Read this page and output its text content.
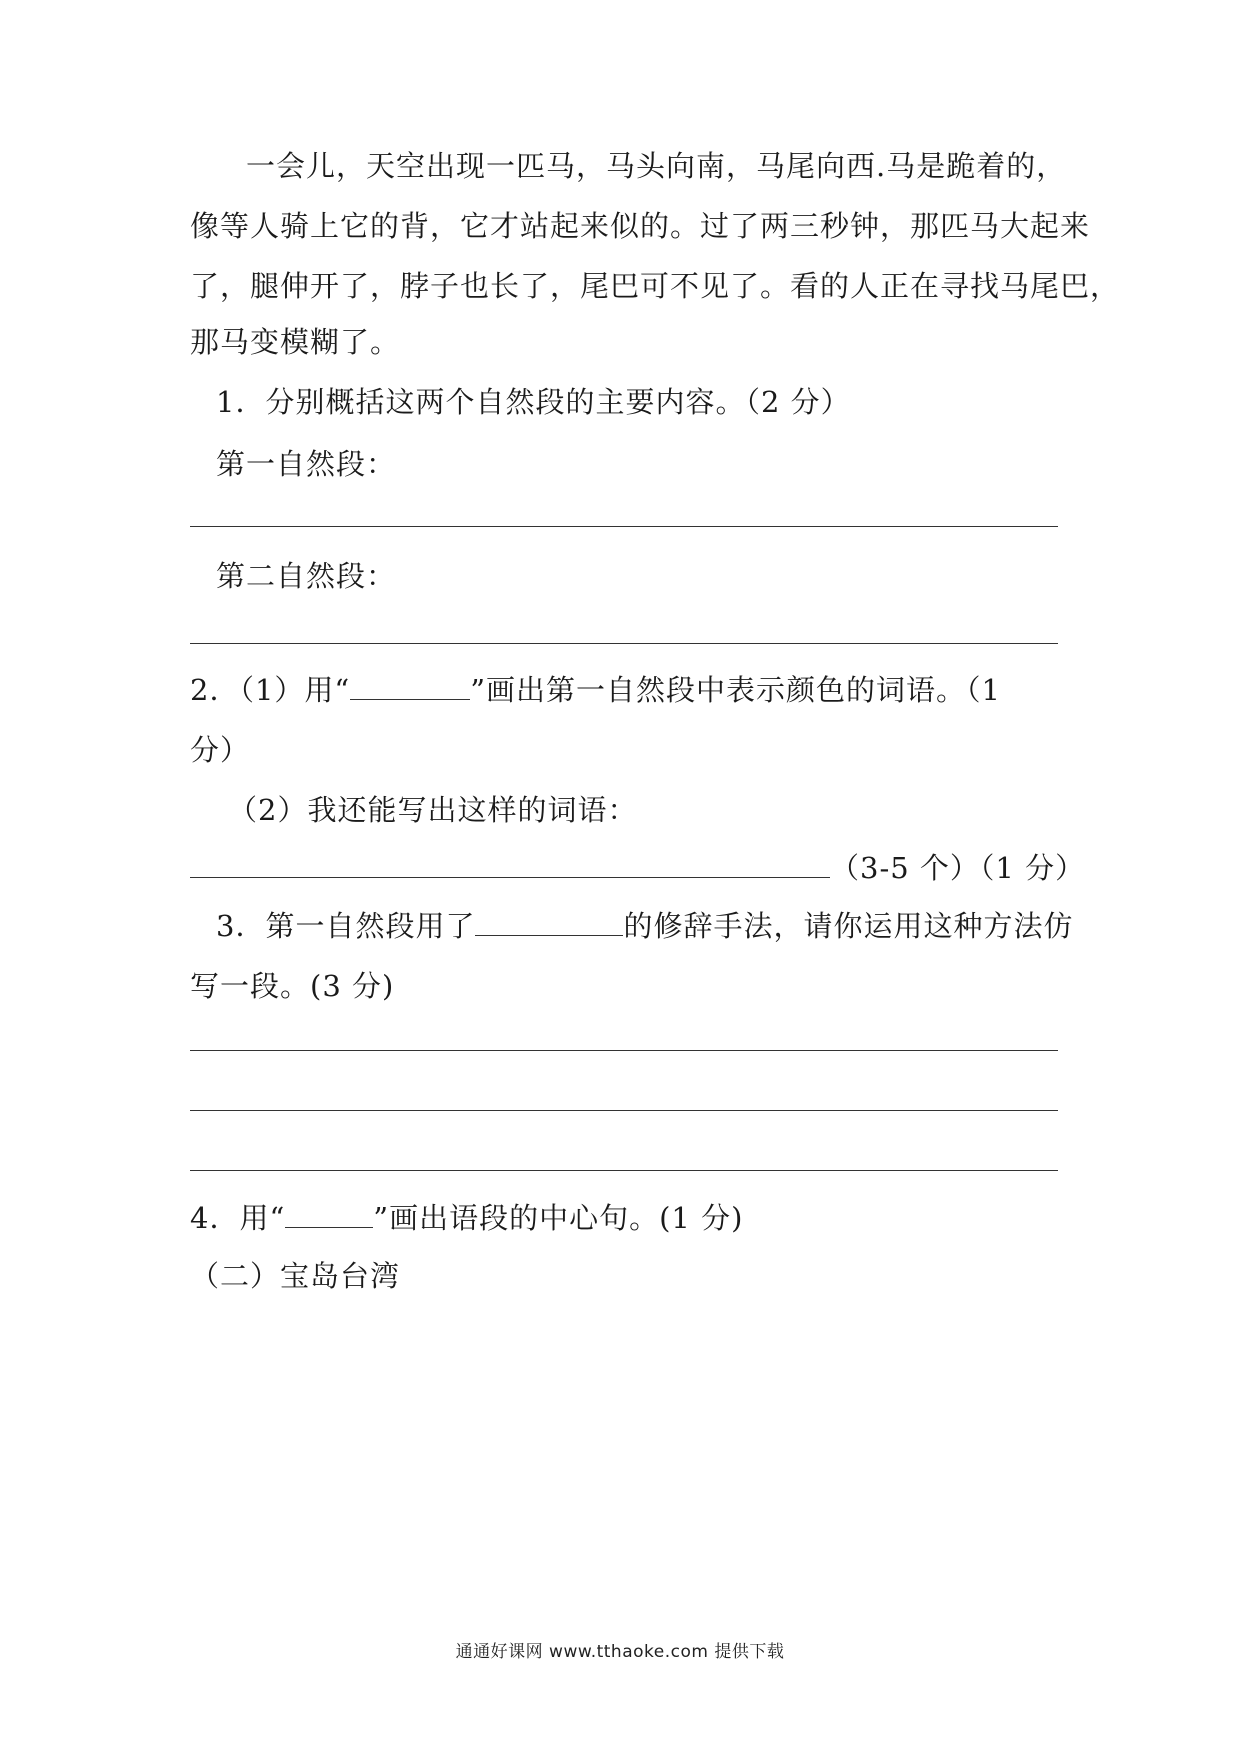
一会儿，天空出现一匹马，马头向南，马尾向西.马是跪着的，
像等人骑上它的背，它才站起来似的。过了两三秒钟，那匹马大起来
了，腿伸开了，脖子也长了，尾巴可不见了。看的人正在寻找马尾巴，
那马变模糊了。
1．分别概括这两个自然段的主要内容。（2 分）
第一自然段：
第二自然段：
2．（1）用“	”画出第一自然段中表示颜色的词语。（1
分）
（2）我还能写出这样的词语：
（3-5 个）（1 分）
3．第一自然段用了	的修辞手法，请你运用这种方法仿
写一段。(3 分)
4．用“	”画出语段的中心句。(1 分)
（二）宝岛台湾
通通好课网 www.tthaoke.com 提供下载
